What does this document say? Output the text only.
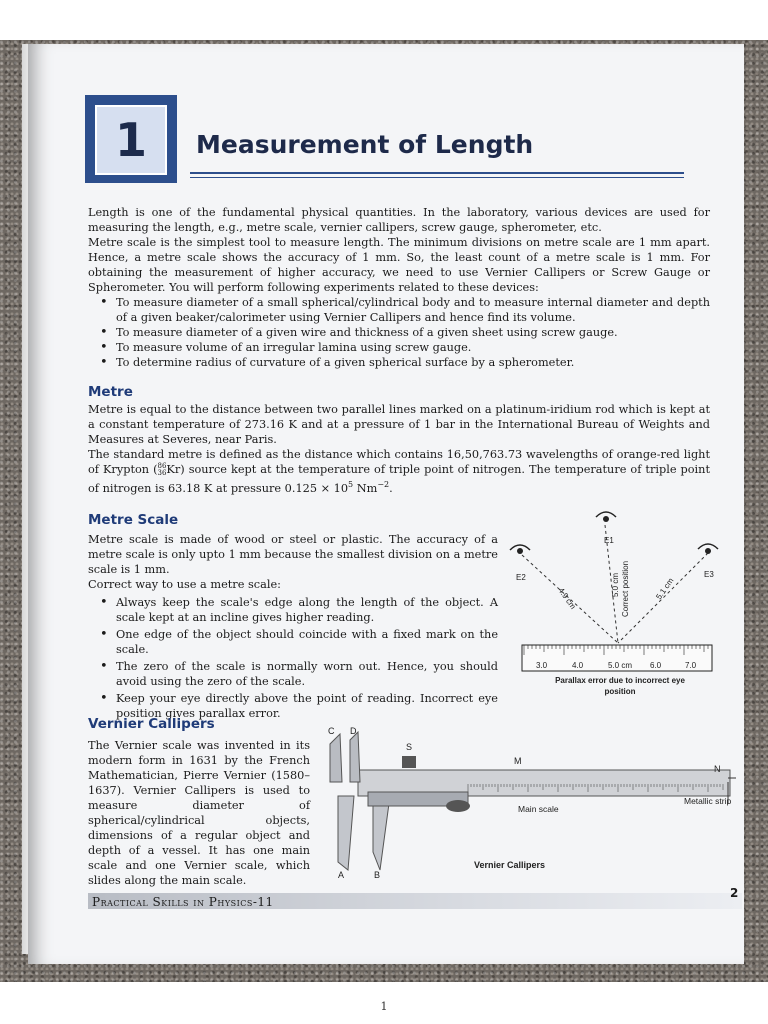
1	Measurement of Length

Length is one of the fundamental physical quantities. In the laboratory, various devices are used for measuring the length, e.g., metre scale, vernier callipers, screw gauge, spherometer, etc.

Metre scale is the simplest tool to measure length. The minimum divisions on metre scale are 1 mm apart. Hence, a metre scale shows the accuracy of 1 mm. So, the least count of a metre scale is 1 mm. For obtaining the measurement of higher accuracy, we need to use Vernier Callipers or Screw Gauge or Spherometer. You will perform following experiments related to these devices:

• To measure diameter of a small spherical/cylindrical body and to measure internal diameter and depth of a given beaker/calorimeter using Vernier Callipers and hence find its volume.
• To measure diameter of a given wire and thickness of a given sheet using screw gauge.
• To measure volume of an irregular lamina using screw gauge.
• To determine radius of curvature of a given spherical surface by a spherometer.
Metre

Metre is equal to the distance between two parallel lines marked on a platinum-iridium rod which is kept at a constant temperature of 273.16 K and at a pressure of 1 bar in the International Bureau of Weights and Measures at Severes, near Paris.

The standard metre is defined as the distance which contains 16,50,763.73 wavelengths of orange-red light of Krypton ( 86
36 Kr) source kept at the temperature of triple point of nitrogen. The temperature of triple point of nitrogen is 63.18 K at pressure $0.125 \times 10^5$ $Nm^{-2}$.

Metre Scale

Metre scale is made of wood or steel or plastic. The accuracy of a metre scale is only upto 1 mm because the smallest division on a metre scale is 1 mm.

Correct way to use a metre scale:

• Always keep the scale's edge along the length of the object. A scale kept at an incline gives higher reading.
• One edge of the object should coincide with a fixed mark on the scale.
• The zero of the scale is normally worn out. Hence, you should avoid using the zero of the scale.
• Keep your eye directly above the point of reading. Incorrect eye position gives parallax error.
E2
E1
E3
4.9 cm
5.0 cm Correct position	5.1 cm
3.0	4.0	5.0 cm 6.0	7.0
Parallax error due to incorrect eye
position
Vernier Callipers
The Vernier scale was invented in its modern form in 1631 by the French Mathematician, Pierre Vernier (1580–1637). Vernier Callipers is used to measure diameter of spherical/cylindrical objects, dimensions of a regular object and depth of a vessel. It has one main scale and one Vernier scale, which slides along the main scale.
C D
S
M
N
A	B
Main scale
Metallic strip
Vernier Callipers
Practical Skills in Physics-11
2
1
